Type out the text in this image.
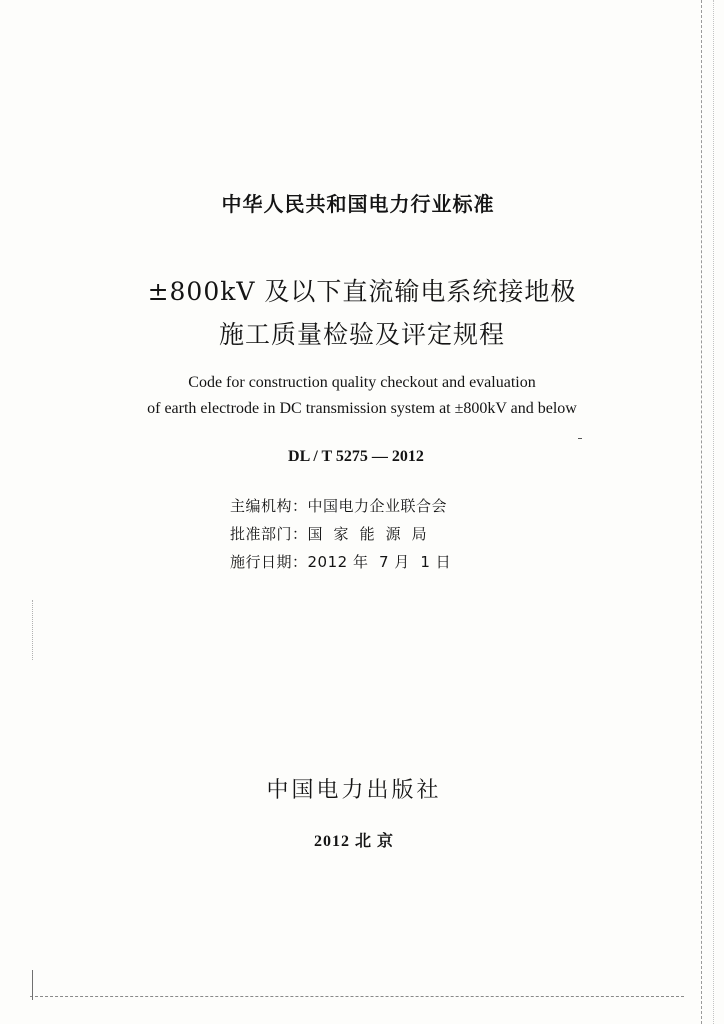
中华人民共和国电力行业标准
±800kV 及以下直流输电系统接地极
施工质量检验及评定规程
Code for construction quality checkout and evaluation
of earth electrode in DC transmission system at ±800kV and below
DL / T 5275 — 2012
主编机构：中国电力企业联合会
批准部门：国  家  能  源  局
施行日期：2012 年  7 月  1 日
中国电力出版社
2012 北 京
